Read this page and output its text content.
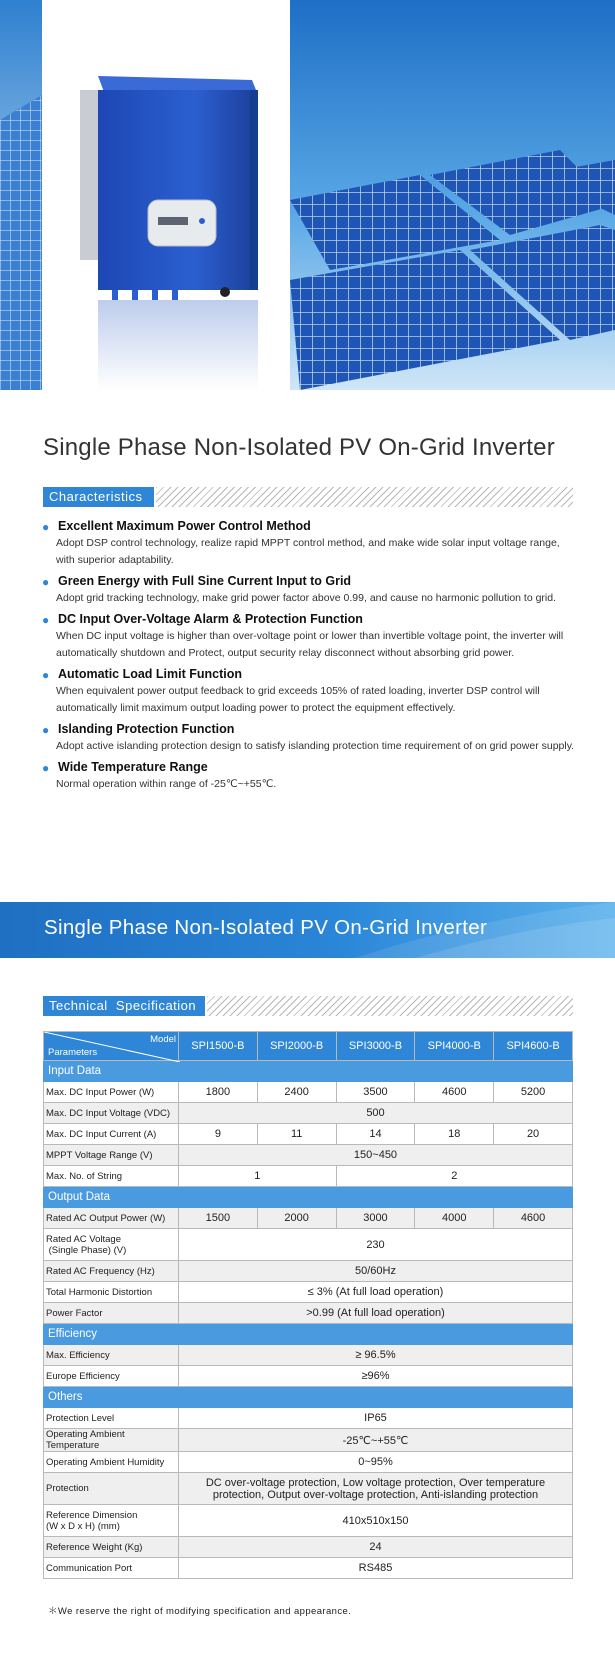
Single Phase Non-Isolated PV On-Grid Inverter
Characteristics
● Excellent Maximum Power Control Method
Adopt DSP control technology, realize rapid MPPT control method, and make wide solar input voltage range, with superior adaptability.
● Green Energy with Full Sine Current Input to Grid
Adopt grid tracking technology, make grid power factor above 0.99, and cause no harmonic pollution to grid.
● DC Input Over-Voltage Alarm & Protection Function
When DC input voltage is higher than over-voltage point or lower than invertible voltage point, the inverter will automatically shutdown and Protect, output security relay disconnect without absorbing grid power.
● Automatic Load Limit Function
When equivalent power output feedback to grid exceeds 105% of rated loading, inverter DSP control will automatically limit maximum output loading power to protect the equipment effectively.
● Islanding Protection Function
Adopt active islanding protection design to satisfy islanding protection time requirement of on grid power supply.
● Wide Temperature Range
Normal operation within range of -25℃~+55℃.
Single Phase Non-Isolated PV On-Grid Inverter
Technical  Specification
Model
Parameters	SPI1500-B	SPI2000-B	SPI3000-B	SPI4000-B	SPI4600-B
Input Data					
Max. DC Input Power (W)	1800	2400	3500	4600	5200
Max. DC Input Voltage (VDC)	500				
Max. DC Input Current (A)	9	11	14	18	20
MPPT Voltage Range (V)	150~450				
Max. No. of String	1		2		
Output Data					
Rated AC Output Power (W)	1500	2000	3000	4000	4600

Rated AC Voltage
(Single Phase) (V)	230				
Rated AC Frequency (Hz)	50/60Hz				
Total Harmonic Distortion	≤ 3% (At full load operation)				
Power Factor	>0.99 (At full load operation)				
Efficiency					
Max. Efficiency	≥ 96.5%				
Europe Efficiency	≥96%				
Others					
Protection Level	IP65				
Operating Ambient Temperature	-25℃~+55℃				
Operating Ambient Humidity	0~95%				
Protection	DC over-voltage protection, Low voltage protection, Over temperature
protection, Output over-voltage protection, Anti-islanding protection				

Reference Dimension
(W x D x H) (mm)	410x510x150				
Reference Weight (Kg)	24				
Communication Port	RS485				
＊We reserve the right of modifying specification and appearance.
